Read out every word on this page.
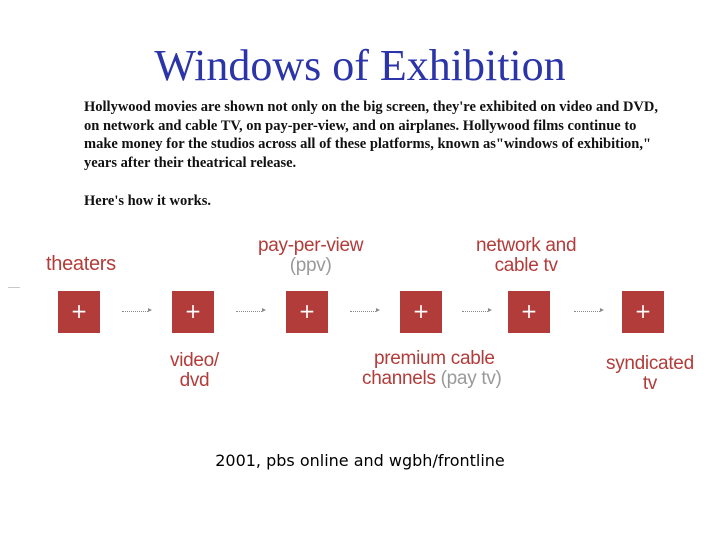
Windows of Exhibition

Hollywood movies are shown not only on the big screen, they're exhibited on video and DVD, on network and cable TV, on pay-per-view, and on airplanes. Hollywood films continue to make money for the studios across all of these platforms, known as"windows of exhibition," years after their theatrical release.

Here's how it works.
theaters
pay-per-view
(ppv)
network and
cable tv
video/
dvd
premium cable
channels (pay tv)
syndicated
tv
+	+	+	+	+	+
2001, pbs online and wgbh/frontline
